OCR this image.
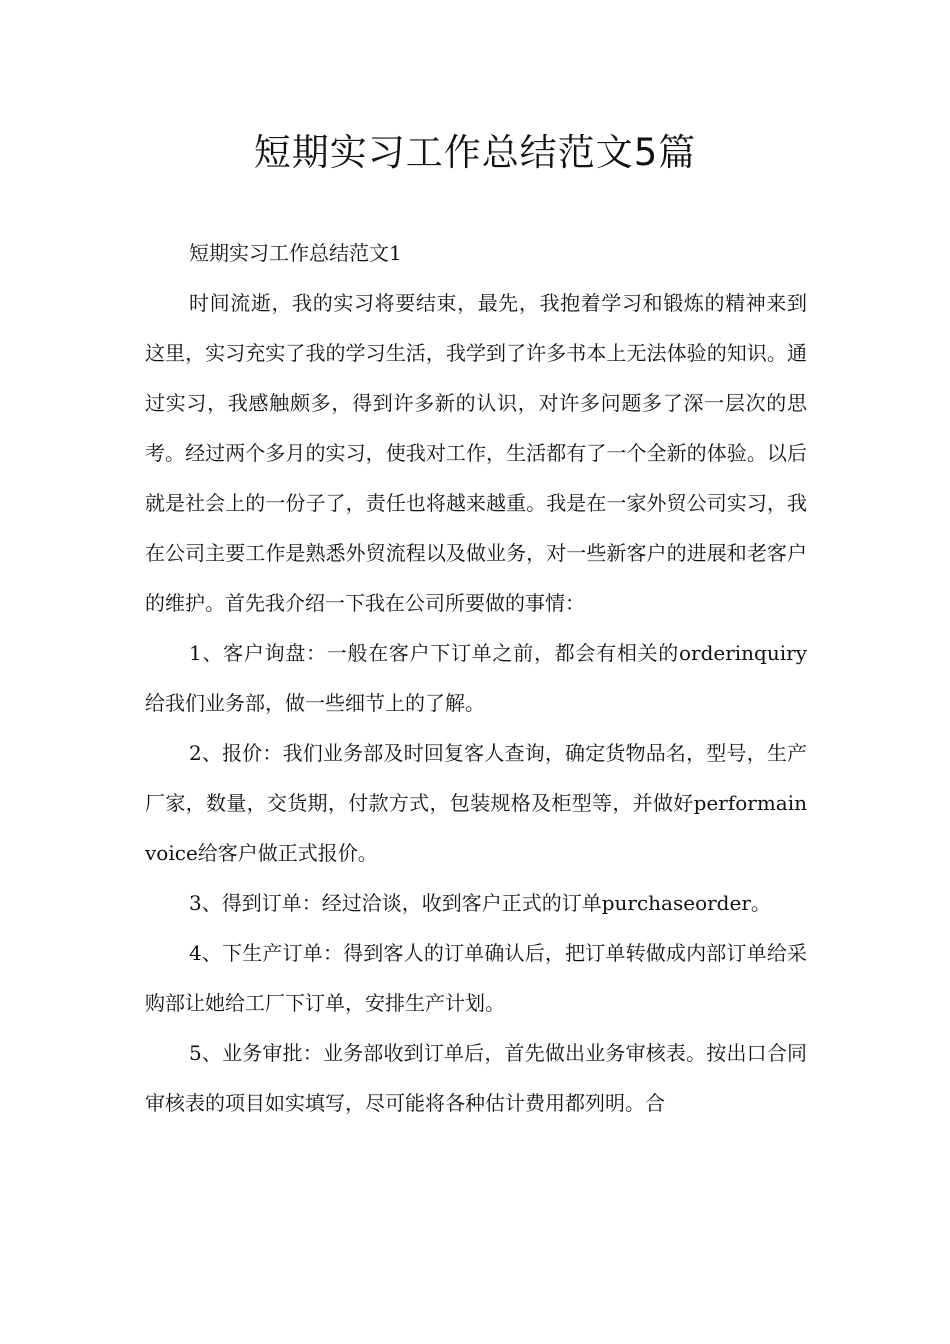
短期实习工作总结范文5篇

短期实习工作总结范文1

时间流逝，我的实习将要结束，最先，我抱着学习和锻炼的精神来到这里，实习充实了我的学习生活，我学到了许多书本上无法体验的知识。通过实习，我感触颇多，得到许多新的认识，对许多问题多了深一层次的思考。经过两个多月的实习，使我对工作，生活都有了一个全新的体验。以后就是社会上的一份子了，责任也将越来越重。我是在一家外贸公司实习，我在公司主要工作是熟悉外贸流程以及做业务，对一些新客户的进展和老客户的维护。首先我介绍一下我在公司所要做的事情：

1、客户询盘：一般在客户下订单之前，都会有相关的orderinquiry给我们业务部，做一些细节上的了解。

2、报价：我们业务部及时回复客人查询，确定货物品名，型号，生产厂家，数量，交货期，付款方式，包装规格及柜型等，并做好performainvoice给客户做正式报价。

3、得到订单：经过洽谈，收到客户正式的订单purchaseorder。

4、下生产订单：得到客人的订单确认后，把订单转做成内部订单给采购部让她给工厂下订单，安排生产计划。

5、业务审批：业务部收到订单后，首先做出业务审核表。按出口合同审核表的项目如实填写，尽可能将各种估计费用都列明。合
